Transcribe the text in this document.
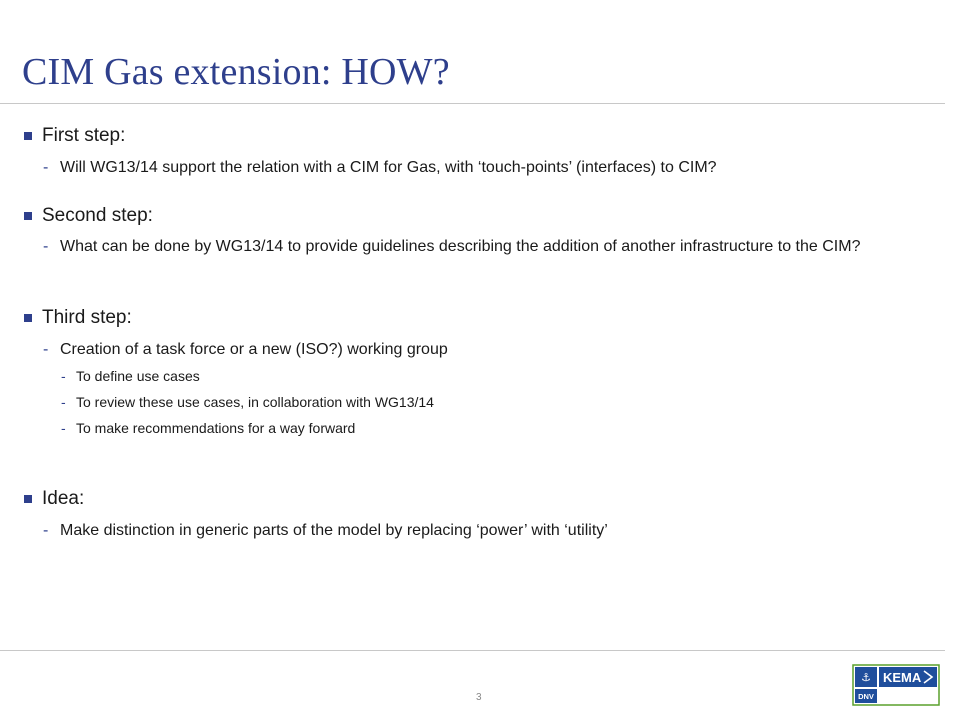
CIM Gas extension: HOW?
First step:
- Will WG13/14 support the relation with a CIM for Gas, with ‘touch-points’ (interfaces) to CIM?
Second step:
- What can be done by WG13/14 to provide guidelines describing the addition of another infrastructure to the CIM?
Third step:
- Creation of a task force or a new (ISO?) working group
- To define use cases
- To review these use cases, in collaboration with WG13/14
- To make recommendations for a way forward
Idea:
- Make distinction in generic parts of the model by replacing ‘power’ with ‘utility’
3
⚓ KEMA
DNV
